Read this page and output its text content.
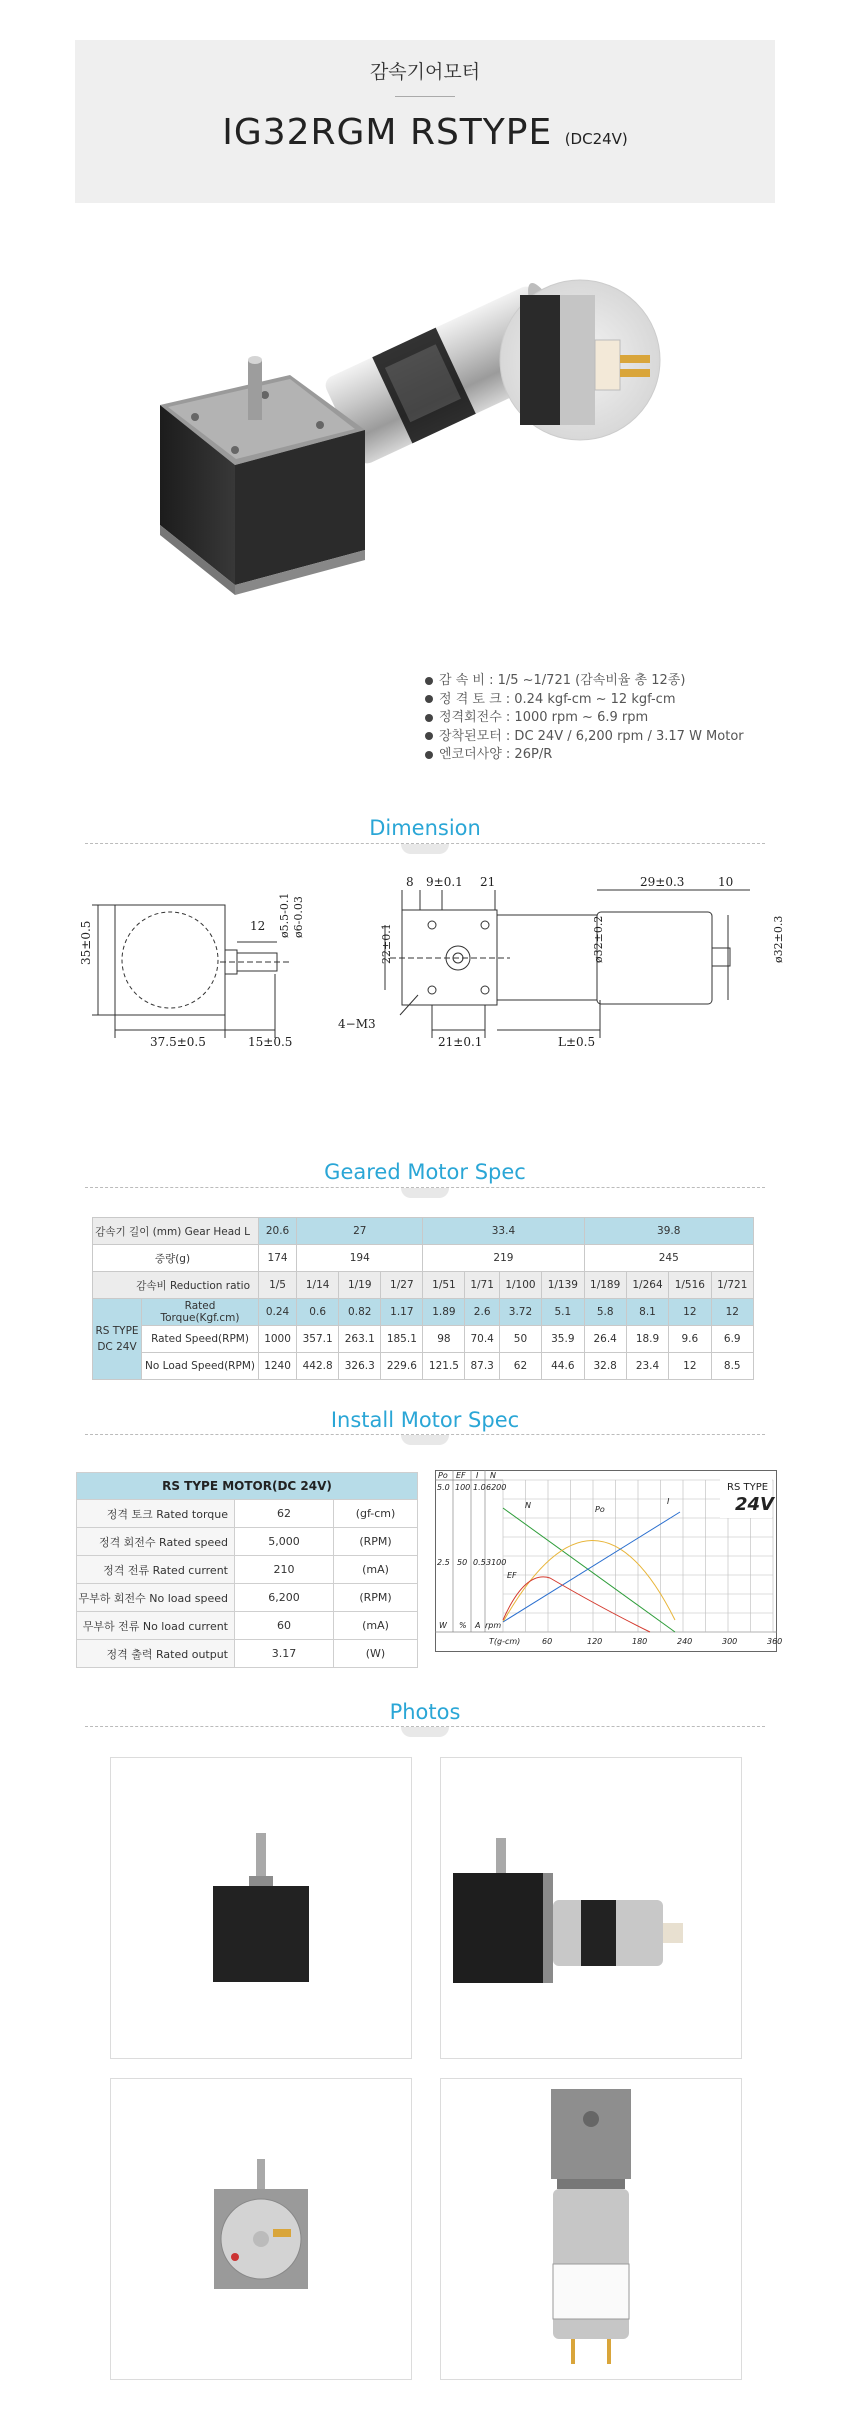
감속기어모터
IG32RGM RSTYPE (DC24V)
감 속 비 : 1/5 ~1/721 (감속비율 총 12종)
정 격 토 크 : 0.24 kgf-cm ~ 12 kgf-cm
정격회전수 : 1000 rpm ~ 6.9 rpm
장착된모터 : DC 24V / 6,200 rpm / 3.17 W Motor
엔코더사양 : 26P/R
Dimension
35±0.5	12 ø5.5-0.1 ø6-0.03
37.5±0.5	15±0.5
8 9±0.1 21
22±0.1
4−M3
21±0.1
29±0.3	10
ø32±0.2	ø32±0.3
L±0.5
Geared Motor Spec
감속기 길이 (mm) Gear Head L		20.6	27			33.4				39.8			
중량(g)		174	194			219				245			
감속비 Reduction ratio		1/5	1/14	1/19	1/27	1/51	1/71	1/100	1/139	1/189	1/264	1/516	1/721
RS TYPE
DC 24V	Rated Torque(Kgf.cm)	0.24	0.6	0.82	1.17	1.89	2.6	3.72	5.1	5.8	8.1	12	12
	Rated Speed(RPM)	1000	357.1	263.1	185.1	98	70.4	50	35.9	26.4	18.9	9.6	6.9
	No Load Speed(RPM)	1240	442.8	326.3	229.6	121.5	87.3	62	44.6	32.8	23.4	12	8.5
Install Motor Spec
RS TYPE MOTOR(DC 24V)		
정격 토크 Rated torque	62	(gf-cm)
정격 회전수 Rated speed	5,000	(RPM)
정격 전류 Rated current	210	(mA)
무부하 회전수 No load speed	6,200	(RPM)
무부하 전류 No load current	60	(mA)
정격 출력 Rated output	3.17	(W)
Po EF I N
5.0 100 1.0 6200
2.5 50 0.5 3100
W % A rpm
T(g-cm)	60	120	180	240	300	360
N	Po
I
EF
RS TYPE
24V
Photos
